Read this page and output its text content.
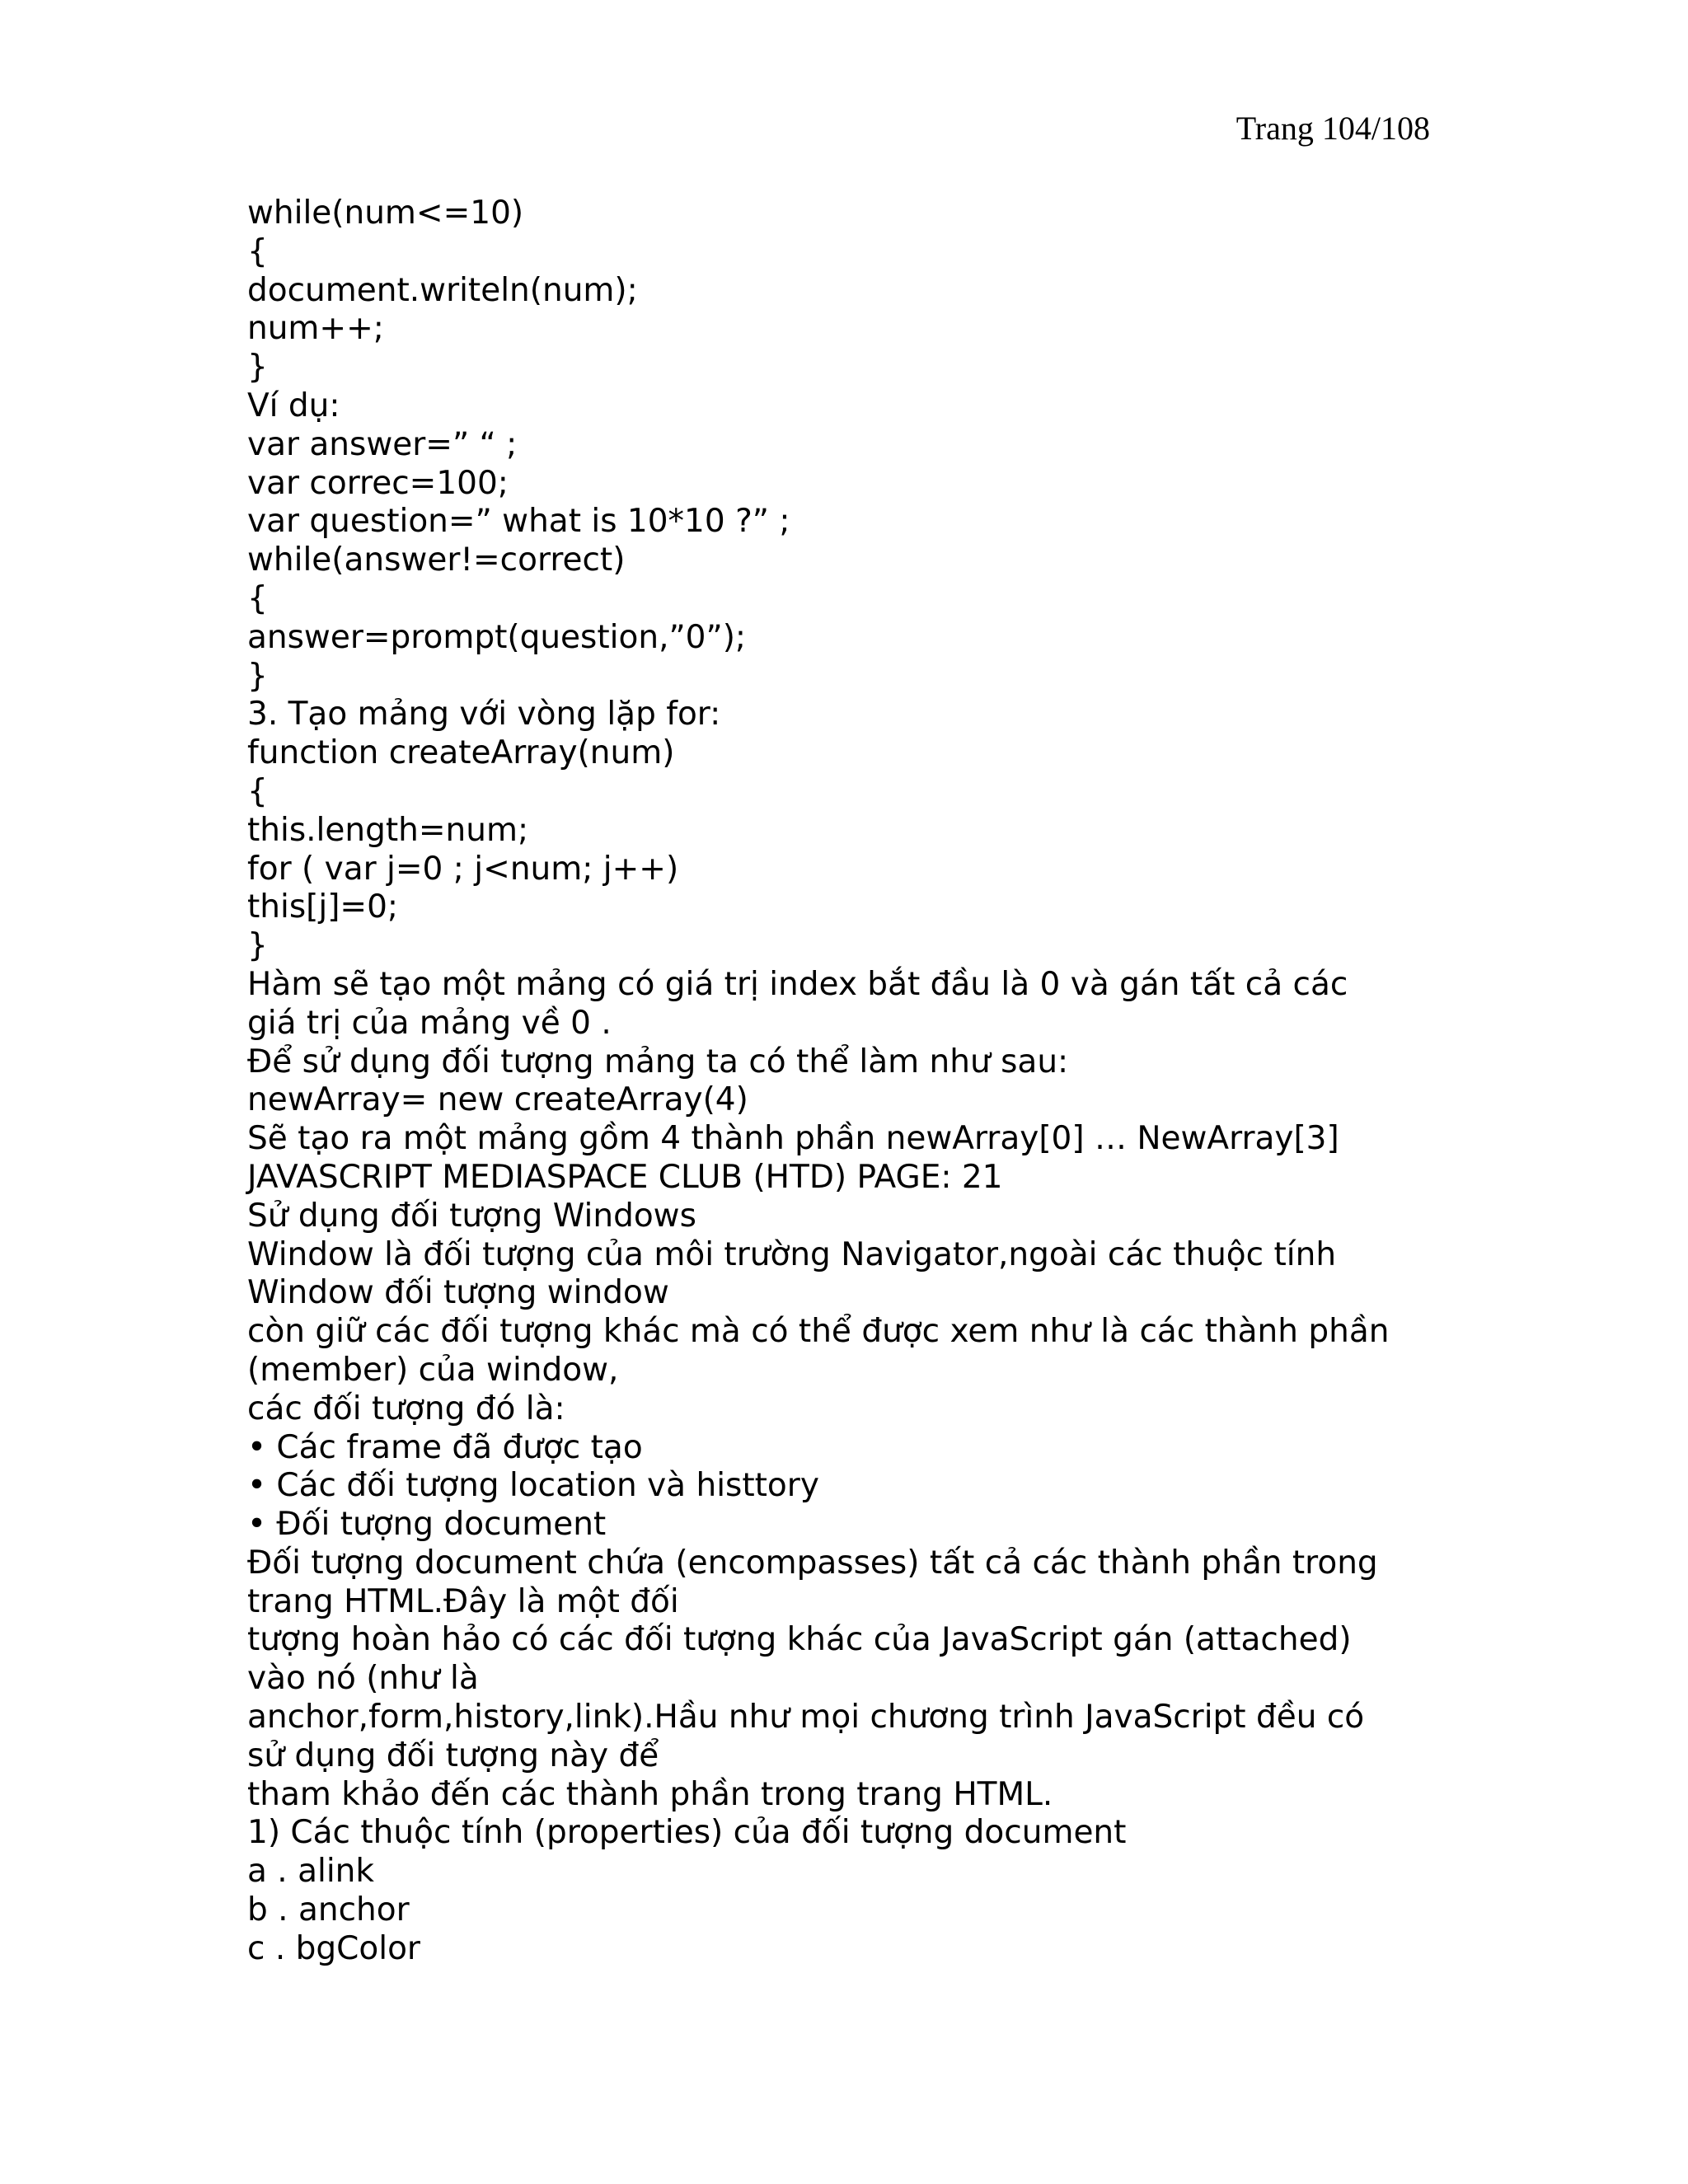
Trang 104/108
while(num<=10)
{
document.writeln(num);
num++;
}
Ví dụ:
var answer=” “ ;
var correc=100;
var question=” what is 10*10 ?” ;
while(answer!=correct)
{
answer=prompt(question,”0”);
}
3. Tạo mảng với vòng lặp for:
function createArray(num)
{
this.length=num;
for ( var j=0 ; j<num; j++)
this[j]=0;
}
Hàm sẽ tạo một mảng có giá trị index bắt đầu là 0 và gán tất cả các
giá trị của mảng về 0 .
Để sử dụng đối tượng mảng ta có thể làm như sau:
newArray= new createArray(4)
Sẽ tạo ra một mảng gồm 4 thành phần newArray[0] … NewArray[3]
JAVASCRIPT MEDIASPACE CLUB (HTD) PAGE: 21
Sử dụng đối tượng Windows
Window là đối tượng của môi trường Navigator,ngoài các thuộc tính
Window đối tượng window
còn giữ các đối tượng khác mà có thể được xem như là các thành phần
(member) của window,
các đối tượng đó là:
• Các frame đã được tạo
• Các đối tượng location và histtory
• Đối tượng document
Đối tượng document chứa (encompasses) tất cả các thành phần trong
trang HTML.Đây là một đối
tượng hoàn hảo có các đối tượng khác của JavaScript gán (attached)
vào nó (như là
anchor,form,history,link).Hầu như mọi chương trình JavaScript đều có
sử dụng đối tượng này để
tham khảo đến các thành phần trong trang HTML.
1) Các thuộc tính (properties) của đối tượng document
a . alink
b . anchor
c . bgColor
